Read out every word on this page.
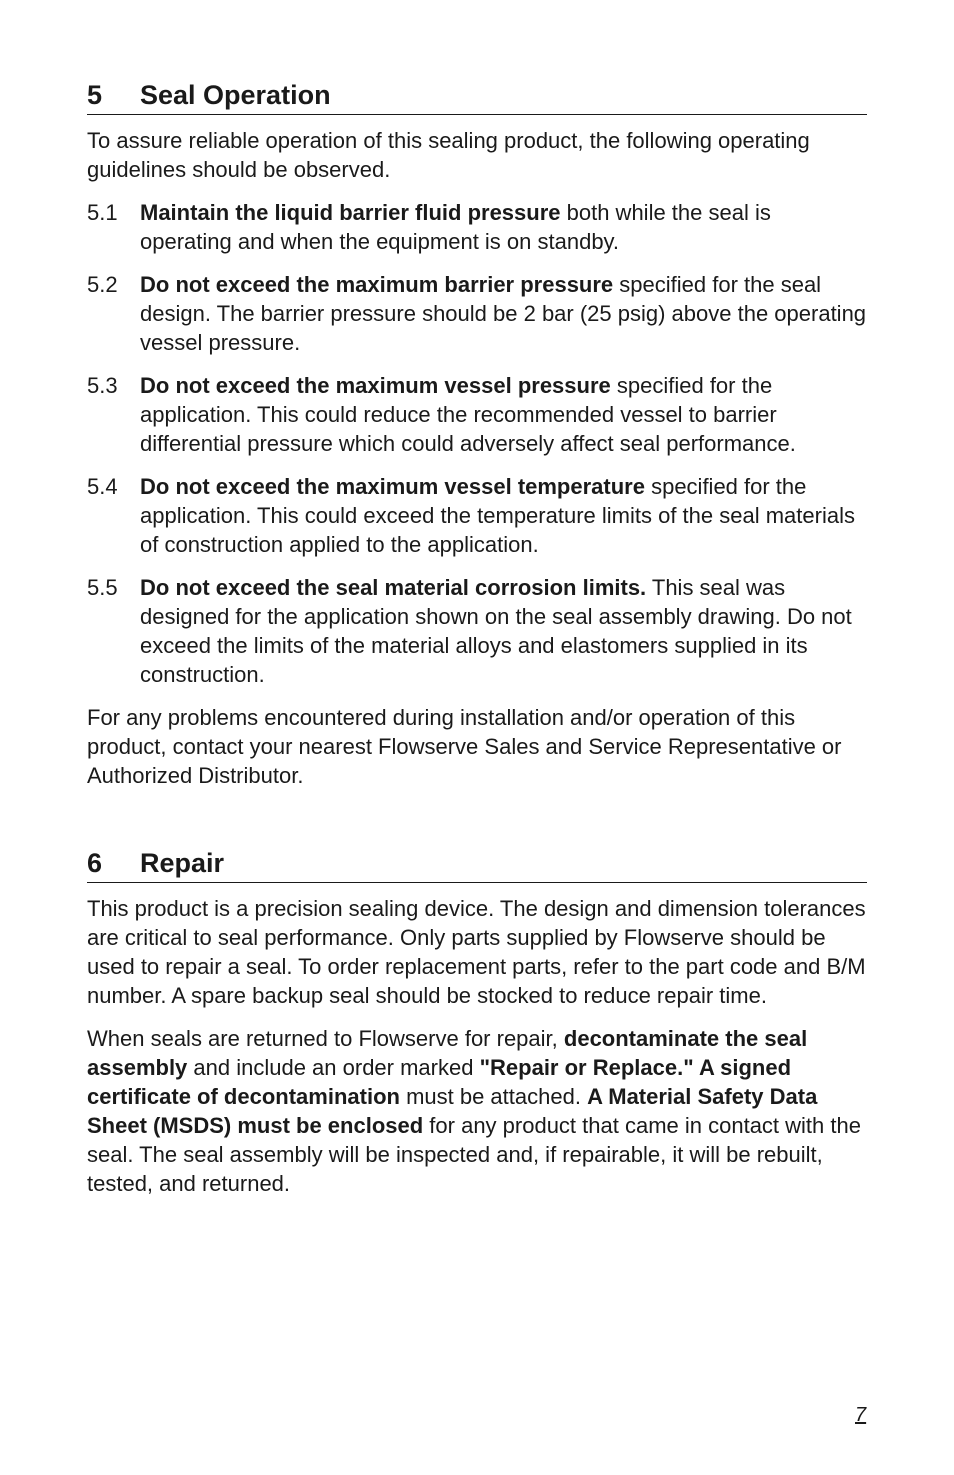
5	Seal Operation

To assure reliable operation of this sealing product, the following operating guidelines should be observed.

5.1	Maintain the liquid barrier fluid pressure both while the seal is operating and when the equipment is on standby.
5.2	Do not exceed the maximum barrier pressure specified for the seal design. The barrier pressure should be 2 bar (25 psig) above the operating vessel pressure.
5.3	Do not exceed the maximum vessel pressure specified for the application. This could reduce the recommended vessel to barrier differential pressure which could adversely affect seal performance.
5.4	Do not exceed the maximum vessel temperature specified for the application. This could exceed the temperature limits of the seal materials of construction applied to the application.
5.5	Do not exceed the seal material corrosion limits. This seal was designed for the application shown on the seal assembly drawing. Do not exceed the limits of the material alloys and elastomers supplied in its construction.

For any problems encountered during installation and/or operation of this product, contact your nearest Flowserve Sales and Service Representative or Authorized Distributor.

6	Repair

This product is a precision sealing device. The design and dimension tolerances are critical to seal performance. Only parts supplied by Flowserve should be used to repair a seal. To order replacement parts, refer to the part code and B/M number. A spare backup seal should be stocked to reduce repair time.

When seals are returned to Flowserve for repair, decontaminate the seal assembly and include an order marked "Repair or Replace." A signed certificate of decontamination must be attached. A Material Safety Data Sheet (MSDS) must be enclosed for any product that came in contact with the seal. The seal assembly will be inspected and, if repairable, it will be rebuilt, tested, and returned.

7
